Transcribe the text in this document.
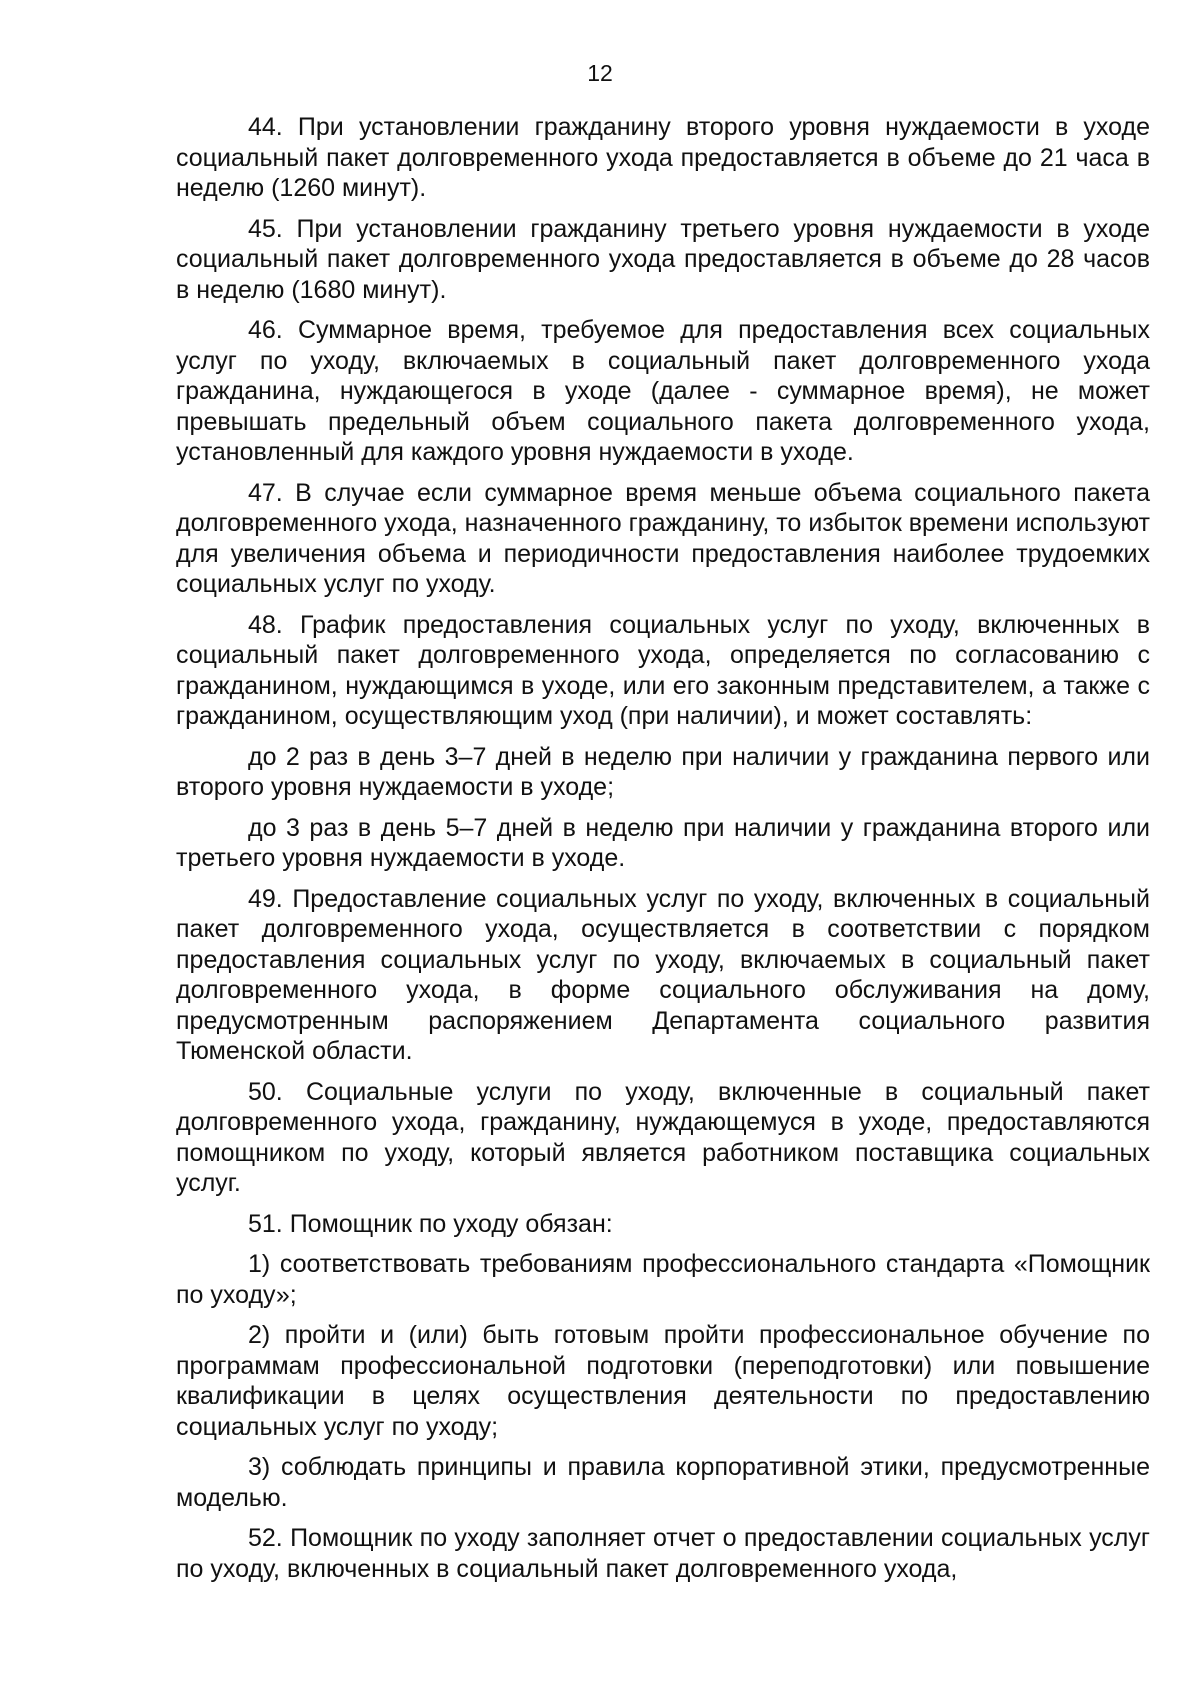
12

44. При установлении гражданину второго уровня нуждаемости в уходе социальный пакет долговременного ухода предоставляется в объеме до 21 часа в неделю (1260 минут).

45. При установлении гражданину третьего уровня нуждаемости в уходе социальный пакет долговременного ухода предоставляется в объеме до 28 часов в неделю (1680 минут).

46. Суммарное время, требуемое для предоставления всех социальных услуг по уходу, включаемых в социальный пакет долговременного ухода гражданина, нуждающегося в уходе (далее - суммарное время), не может превышать предельный объем социального пакета долговременного ухода, установленный для каждого уровня нуждаемости в уходе.

47. В случае если суммарное время меньше объема социального пакета долговременного ухода, назначенного гражданину, то избыток времени используют для увеличения объема и периодичности предоставления наиболее трудоемких социальных услуг по уходу.

48. График предоставления социальных услуг по уходу, включенных в социальный пакет долговременного ухода, определяется по согласованию с гражданином, нуждающимся в уходе, или его законным представителем, а также с гражданином, осуществляющим уход (при наличии), и может составлять:

до 2 раз в день 3–7 дней в неделю при наличии у гражданина первого или второго уровня нуждаемости в уходе;

до 3 раз в день 5–7 дней в неделю при наличии у гражданина второго или третьего уровня нуждаемости в уходе.

49. Предоставление социальных услуг по уходу, включенных в социальный пакет долговременного ухода, осуществляется в соответствии с порядком предоставления социальных услуг по уходу, включаемых в социальный пакет долговременного ухода, в форме социального обслуживания на дому, предусмотренным распоряжением Департамента социального развития Тюменской области.

50. Социальные услуги по уходу, включенные в социальный пакет долговременного ухода, гражданину, нуждающемуся в уходе, предоставляются помощником по уходу, который является работником поставщика социальных услуг.

51. Помощник по уходу обязан:

1) соответствовать требованиям профессионального стандарта «Помощник по уходу»;

2) пройти и (или) быть готовым пройти профессиональное обучение по программам профессиональной подготовки (переподготовки) или повышение квалификации в целях осуществления деятельности по предоставлению социальных услуг по уходу;

3) соблюдать принципы и правила корпоративной этики, предусмотренные моделью.

52. Помощник по уходу заполняет отчет о предоставлении социальных услуг по уходу, включенных в социальный пакет долговременного ухода,
